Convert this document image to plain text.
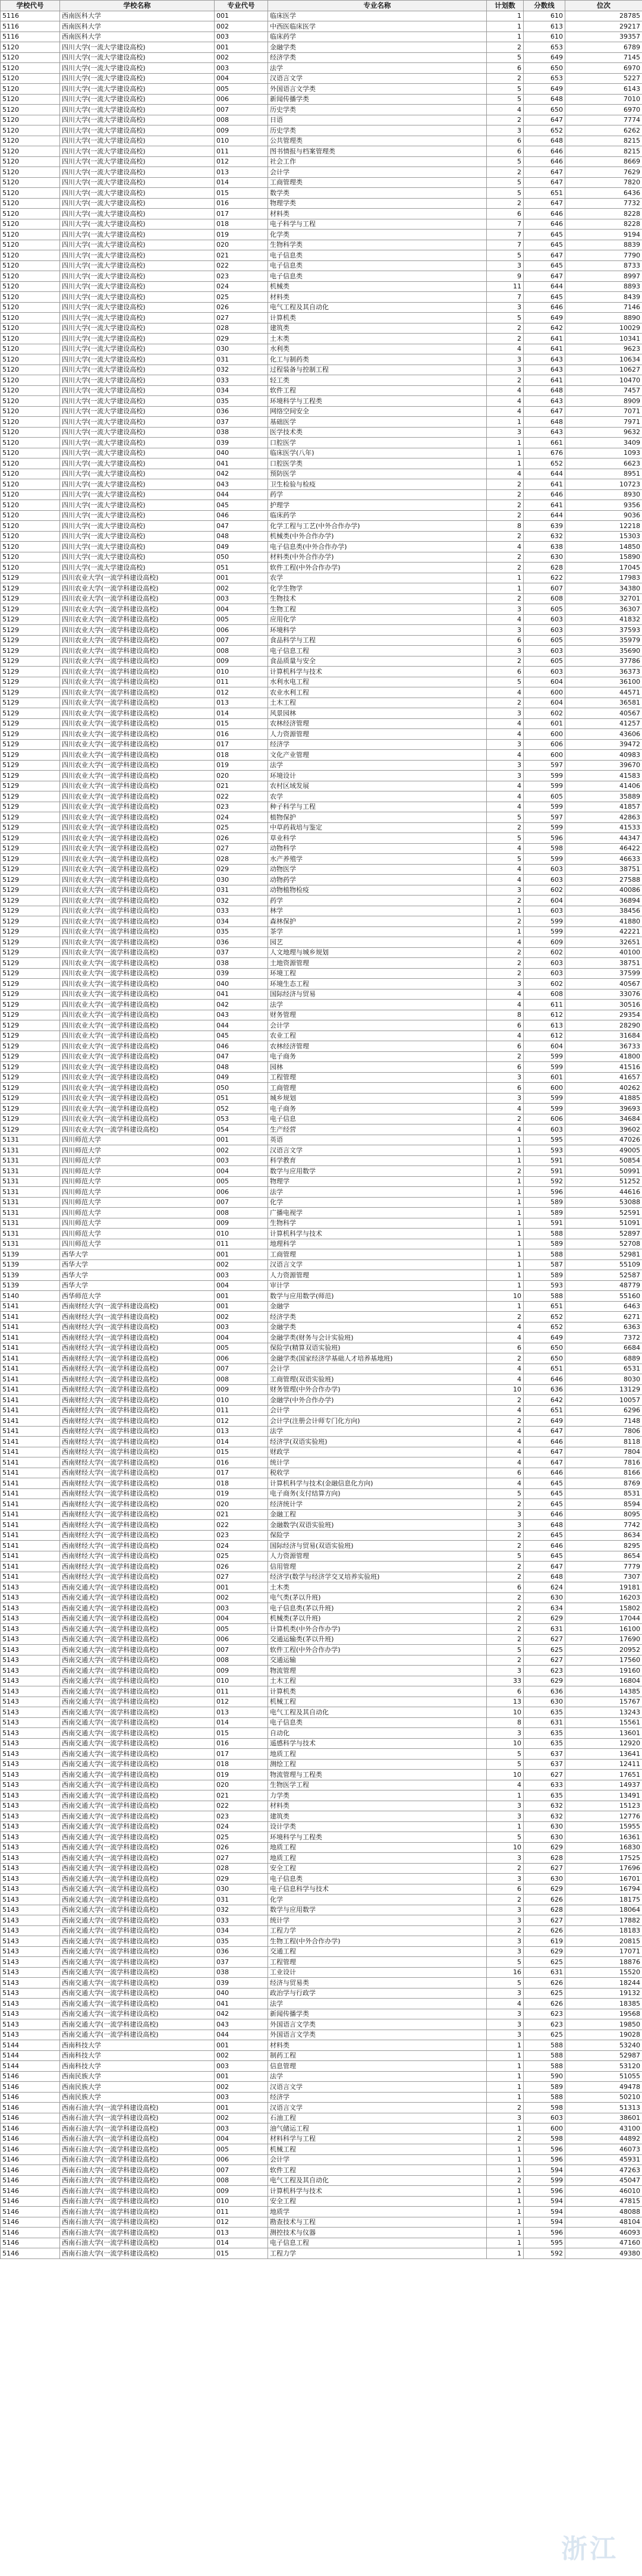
学校代号	学校名称	专业代号	专业名称	计划数	分数线	位次
5116	西南医科大学	001	临床医学	1	610	28785
5116	西南医科大学	002	中西医临床医学	1	613	29217
5116	西南医科大学	003	临床药学	1	610	39357
5120	四川大学(一流大学建设高校)	001	金融学类	2	653	6789
5120	四川大学(一流大学建设高校)	002	经济学类	5	649	7145
5120	四川大学(一流大学建设高校)	003	法学	6	650	6970
5120	四川大学(一流大学建设高校)	004	汉语言文学	2	653	5227
5120	四川大学(一流大学建设高校)	005	外国语言文学类	5	649	6143
5120	四川大学(一流大学建设高校)	006	新闻传播学类	5	648	7010
5120	四川大学(一流大学建设高校)	007	历史学类	4	650	6970
5120	四川大学(一流大学建设高校)	008	日语	2	647	7774
5120	四川大学(一流大学建设高校)	009	历史学类	3	652	6262
5120	四川大学(一流大学建设高校)	010	公共管理类	6	648	8215
5120	四川大学(一流大学建设高校)	011	图书情报与档案管理类	6	646	8215
5120	四川大学(一流大学建设高校)	012	社会工作	5	646	8669
5120	四川大学(一流大学建设高校)	013	会计学	2	647	7629
5120	四川大学(一流大学建设高校)	014	工商管理类	5	647	7820
5120	四川大学(一流大学建设高校)	015	数学类	5	651	6436
5120	四川大学(一流大学建设高校)	016	物理学类	2	647	7732
5120	四川大学(一流大学建设高校)	017	材料类	6	646	8228
5120	四川大学(一流大学建设高校)	018	电子科学与工程	7	646	8228
5120	四川大学(一流大学建设高校)	019	化学类	7	645	9194
5120	四川大学(一流大学建设高校)	020	生物科学类	7	645	8839
5120	四川大学(一流大学建设高校)	021	电子信息类	5	647	7790
5120	四川大学(一流大学建设高校)	022	电子信息类	3	645	8733
5120	四川大学(一流大学建设高校)	023	电子信息类	9	647	8997
5120	四川大学(一流大学建设高校)	024	机械类	11	644	8893
5120	四川大学(一流大学建设高校)	025	材料类	7	645	8439
5120	四川大学(一流大学建设高校)	026	电气工程及其自动化	3	646	7146
5120	四川大学(一流大学建设高校)	027	计算机类	5	649	8890
5120	四川大学(一流大学建设高校)	028	建筑类	2	642	10029
5120	四川大学(一流大学建设高校)	029	土木类	2	641	10341
5120	四川大学(一流大学建设高校)	030	水利类	4	641	9623
5120	四川大学(一流大学建设高校)	031	化工与制药类	3	643	10634
5120	四川大学(一流大学建设高校)	032	过程装备与控制工程	3	643	10627
5120	四川大学(一流大学建设高校)	033	轻工类	2	641	10470
5120	四川大学(一流大学建设高校)	034	软件工程	4	648	7457
5120	四川大学(一流大学建设高校)	035	环境科学与工程类	4	643	8909
5120	四川大学(一流大学建设高校)	036	网络空间安全	4	647	7071
5120	四川大学(一流大学建设高校)	037	基础医学	1	648	7971
5120	四川大学(一流大学建设高校)	038	医学技术类	3	643	9632
5120	四川大学(一流大学建设高校)	039	口腔医学	1	661	3409
5120	四川大学(一流大学建设高校)	040	临床医学(八年)	1	676	1093
5120	四川大学(一流大学建设高校)	041	口腔医学类	1	652	6623
5120	四川大学(一流大学建设高校)	042	预防医学	4	644	8951
5120	四川大学(一流大学建设高校)	043	卫生检验与检疫	2	641	10723
5120	四川大学(一流大学建设高校)	044	药学	2	646	8930
5120	四川大学(一流大学建设高校)	045	护理学	2	641	9356
5120	四川大学(一流大学建设高校)	046	临床药学	2	644	9036
5120	四川大学(一流大学建设高校)	047	化学工程与工艺(中外合作办学)	8	639	12218
5120	四川大学(一流大学建设高校)	048	机械类(中外合作办学)	2	632	15303
5120	四川大学(一流大学建设高校)	049	电子信息类(中外合作办学)	4	638	14850
5120	四川大学(一流大学建设高校)	050	材料类(中外合作办学)	2	630	15890
5120	四川大学(一流大学建设高校)	051	软件工程(中外合作办学)	2	628	17045
5129	四川农业大学(一流学科建设高校)	001	农学	1	622	17983
5129	四川农业大学(一流学科建设高校)	002	化学生物学	1	607	34380
5129	四川农业大学(一流学科建设高校)	003	生物技术	2	608	32701
5129	四川农业大学(一流学科建设高校)	004	生物工程	3	605	36307
5129	四川农业大学(一流学科建设高校)	005	应用化学	4	603	41832
5129	四川农业大学(一流学科建设高校)	006	环境科学	3	603	37593
5129	四川农业大学(一流学科建设高校)	007	食品科学与工程	6	605	35979
5129	四川农业大学(一流学科建设高校)	008	电子信息工程	3	603	35690
5129	四川农业大学(一流学科建设高校)	009	食品质量与安全	2	605	37786
5129	四川农业大学(一流学科建设高校)	010	计算机科学与技术	6	603	36373
5129	四川农业大学(一流学科建设高校)	011	水利水电工程	5	604	36100
5129	四川农业大学(一流学科建设高校)	012	农业水利工程	4	600	44571
5129	四川农业大学(一流学科建设高校)	013	土木工程	2	604	36581
5129	四川农业大学(一流学科建设高校)	014	风景园林	3	602	40567
5129	四川农业大学(一流学科建设高校)	015	农林经济管理	4	601	41257
5129	四川农业大学(一流学科建设高校)	016	人力资源管理	4	600	43606
5129	四川农业大学(一流学科建设高校)	017	经济学	3	606	39472
5129	四川农业大学(一流学科建设高校)	018	文化产业管理	4	600	40983
5129	四川农业大学(一流学科建设高校)	019	法学	3	597	39670
5129	四川农业大学(一流学科建设高校)	020	环境设计	3	599	41583
5129	四川农业大学(一流学科建设高校)	021	农村区域发展	4	599	41406
5129	四川农业大学(一流学科建设高校)	022	农学	4	605	35889
5129	四川农业大学(一流学科建设高校)	023	种子科学与工程	4	599	41857
5129	四川农业大学(一流学科建设高校)	024	植物保护	5	597	42863
5129	四川农业大学(一流学科建设高校)	025	中草药栽培与鉴定	2	599	41533
5129	四川农业大学(一流学科建设高校)	026	草业科学	5	596	44347
5129	四川农业大学(一流学科建设高校)	027	动物科学	4	598	46422
5129	四川农业大学(一流学科建设高校)	028	水产养殖学	5	599	46633
5129	四川农业大学(一流学科建设高校)	029	动物医学	4	603	38751
5129	四川农业大学(一流学科建设高校)	030	动物药学	4	603	27588
5129	四川农业大学(一流学科建设高校)	031	动物植物检疫	3	602	40086
5129	四川农业大学(一流学科建设高校)	032	药学	2	604	36894
5129	四川农业大学(一流学科建设高校)	033	林学	1	603	38456
5129	四川农业大学(一流学科建设高校)	034	森林保护	2	599	41880
5129	四川农业大学(一流学科建设高校)	035	茶学	1	599	42221
5129	四川农业大学(一流学科建设高校)	036	园艺	4	609	32651
5129	四川农业大学(一流学科建设高校)	037	人文地理与城乡规划	2	602	40100
5129	四川农业大学(一流学科建设高校)	038	土地资源管理	2	603	38751
5129	四川农业大学(一流学科建设高校)	039	环境工程	2	603	37599
5129	四川农业大学(一流学科建设高校)	040	环境生态工程	3	602	40567
5129	四川农业大学(一流学科建设高校)	041	国际经济与贸易	4	608	33076
5129	四川农业大学(一流学科建设高校)	042	法学	4	611	30516
5129	四川农业大学(一流学科建设高校)	043	财务管理	8	612	29354
5129	四川农业大学(一流学科建设高校)	044	会计学	6	613	28290
5129	四川农业大学(一流学科建设高校)	045	农业工程	4	612	31684
5129	四川农业大学(一流学科建设高校)	046	农林经济管理	6	604	36733
5129	四川农业大学(一流学科建设高校)	047	电子商务	2	599	41800
5129	四川农业大学(一流学科建设高校)	048	园林	6	599	41516
5129	四川农业大学(一流学科建设高校)	049	工程管理	3	601	41657
5129	四川农业大学(一流学科建设高校)	050	工商管理	6	600	40262
5129	四川农业大学(一流学科建设高校)	051	城乡规划	3	599	41885
5129	四川农业大学(一流学科建设高校)	052	电子商务	4	599	39693
5129	四川农业大学(一流学科建设高校)	053	电子信息	2	606	34684
5129	四川农业大学(一流学科建设高校)	054	生产经营	4	603	39602
5131	四川师范大学	001	英语	1	595	47026
5131	四川师范大学	002	汉语言文学	1	593	49005
5131	四川师范大学	003	科学教育	1	591	50854
5131	四川师范大学	004	数学与应用数学	2	591	50991
5131	四川师范大学	005	物理学	1	592	51252
5131	四川师范大学	006	法学	1	596	44616
5131	四川师范大学	007	化学	1	589	53088
5131	四川师范大学	008	广播电视学	1	589	52591
5131	四川师范大学	009	生物科学	1	591	51091
5131	四川师范大学	010	计算机科学与技术	1	588	52897
5131	四川师范大学	011	地理科学	1	589	52708
5139	西华大学	001	工商管理	1	588	52981
5139	西华大学	002	汉语言文学	1	587	55109
5139	西华大学	003	人力资源管理	1	589	52587
5139	西华大学	004	审计学	1	593	48779
5140	西华师范大学	001	数学与应用数学(师范)	10	588	55160
5141	西南财经大学(一流学科建设高校)	001	金融学	1	651	6463
5141	西南财经大学(一流学科建设高校)	002	经济学类	2	652	6271
5141	西南财经大学(一流学科建设高校)	003	金融学类	4	652	6363
5141	西南财经大学(一流学科建设高校)	004	金融学类(财务与会计实验班)	4	649	7372
5141	西南财经大学(一流学科建设高校)	005	保险学(精算双语实验班)	6	650	6684
5141	西南财经大学(一流学科建设高校)	006	金融学类(国家经济学基础人才培养基地班)	2	650	6889
5141	西南财经大学(一流学科建设高校)	007	会计学	4	651	6531
5141	西南财经大学(一流学科建设高校)	008	工商管理(双语实验班)	4	646	8030
5141	西南财经大学(一流学科建设高校)	009	财务管理(中外合作办学)	10	636	13129
5141	西南财经大学(一流学科建设高校)	010	金融学(中外合作办学)	2	642	10057
5141	西南财经大学(一流学科建设高校)	011	会计学	4	651	6296
5141	西南财经大学(一流学科建设高校)	012	会计学(注册会计师专门化方向)	2	649	7148
5141	西南财经大学(一流学科建设高校)	013	法学	4	647	7806
5141	西南财经大学(一流学科建设高校)	014	经济学(双语实验班)	4	646	8118
5141	西南财经大学(一流学科建设高校)	015	财政学	4	647	7804
5141	西南财经大学(一流学科建设高校)	016	统计学	4	647	7816
5141	西南财经大学(一流学科建设高校)	017	税收学	6	646	8166
5141	西南财经大学(一流学科建设高校)	018	计算机科学与技术(金融信息化方向)	4	645	8769
5141	西南财经大学(一流学科建设高校)	019	电子商务(支付结算方向)	5	645	8531
5141	西南财经大学(一流学科建设高校)	020	经济统计学	2	645	8594
5141	西南财经大学(一流学科建设高校)	021	金融工程	3	646	8095
5141	西南财经大学(一流学科建设高校)	022	金融数学(双语实验班)	3	648	7742
5141	西南财经大学(一流学科建设高校)	023	保险学	2	645	8634
5141	西南财经大学(一流学科建设高校)	024	国际经济与贸易(双语实验班)	2	646	8295
5141	西南财经大学(一流学科建设高校)	025	人力资源管理	5	645	8654
5141	西南财经大学(一流学科建设高校)	026	信用管理	2	647	7779
5141	西南财经大学(一流学科建设高校)	027	经济学(数学与经济学交叉培养实验班)	2	648	7307
5143	西南交通大学(一流学科建设高校)	001	土木类	6	624	19181
5143	西南交通大学(一流学科建设高校)	002	电气类(茅以升班)	2	630	16203
5143	西南交通大学(一流学科建设高校)	003	电子信息类(茅以升班)	2	634	15802
5143	西南交通大学(一流学科建设高校)	004	机械类(茅以升班)	2	629	17044
5143	西南交通大学(一流学科建设高校)	005	计算机类(中外合作办学)	2	631	16100
5143	西南交通大学(一流学科建设高校)	006	交通运输类(茅以升班)	2	627	17690
5143	西南交通大学(一流学科建设高校)	007	软件工程(中外合作办学)	5	625	20952
5143	西南交通大学(一流学科建设高校)	008	交通运输	2	627	17560
5143	西南交通大学(一流学科建设高校)	009	物流管理	3	623	19160
5143	西南交通大学(一流学科建设高校)	010	土木工程	33	629	16804
5143	西南交通大学(一流学科建设高校)	011	计算机类	6	636	14385
5143	西南交通大学(一流学科建设高校)	012	机械工程	13	630	15767
5143	西南交通大学(一流学科建设高校)	013	电气工程及其自动化	10	635	13243
5143	西南交通大学(一流学科建设高校)	014	电子信息类	8	631	15561
5143	西南交通大学(一流学科建设高校)	015	自动化	3	635	13601
5143	西南交通大学(一流学科建设高校)	016	遥感科学与技术	10	635	12920
5143	西南交通大学(一流学科建设高校)	017	地质工程	5	637	13641
5143	西南交通大学(一流学科建设高校)	018	测绘工程	5	637	12411
5143	西南交通大学(一流学科建设高校)	019	物流管理与工程类	10	627	17651
5143	西南交通大学(一流学科建设高校)	020	生物医学工程	4	633	14937
5143	西南交通大学(一流学科建设高校)	021	力学类	1	635	13491
5143	西南交通大学(一流学科建设高校)	022	材料类	3	632	15123
5143	西南交通大学(一流学科建设高校)	023	建筑类	3	632	12776
5143	西南交通大学(一流学科建设高校)	024	设计学类	1	630	15955
5143	西南交通大学(一流学科建设高校)	025	环境科学与工程类	5	630	16361
5143	西南交通大学(一流学科建设高校)	026	地质工程	10	629	16830
5143	西南交通大学(一流学科建设高校)	027	地质工程	3	628	17525
5143	西南交通大学(一流学科建设高校)	028	安全工程	2	627	17696
5143	西南交通大学(一流学科建设高校)	029	电子信息类	3	630	16701
5143	西南交通大学(一流学科建设高校)	030	电子信息科学与技术	6	629	16794
5143	西南交通大学(一流学科建设高校)	031	化学	2	626	18175
5143	西南交通大学(一流学科建设高校)	032	数学与应用数学	3	628	18064
5143	西南交通大学(一流学科建设高校)	033	统计学	3	627	17882
5143	西南交通大学(一流学科建设高校)	034	工程力学	2	626	18183
5143	西南交通大学(一流学科建设高校)	035	生物工程(中外合作办学)	3	619	20815
5143	西南交通大学(一流学科建设高校)	036	交通工程	3	629	17071
5143	西南交通大学(一流学科建设高校)	037	工程管理	5	625	18876
5143	西南交通大学(一流学科建设高校)	038	工业设计	16	631	15520
5143	西南交通大学(一流学科建设高校)	039	经济与贸易类	5	626	18244
5143	西南交通大学(一流学科建设高校)	040	政治学与行政学	3	625	19132
5143	西南交通大学(一流学科建设高校)	041	法学	4	626	18385
5143	西南交通大学(一流学科建设高校)	042	新闻传播学类	3	623	19568
5143	西南交通大学(一流学科建设高校)	043	外国语言文学类	3	623	19850
5143	西南交通大学(一流学科建设高校)	044	外国语言文学类	3	625	19028
5144	西南科技大学	001	材料类	1	588	53240
5144	西南科技大学	002	制药工程	1	588	52987
5144	西南科技大学	003	信息管理	1	588	53120
5146	西南民族大学	001	法学	1	590	51055
5146	西南民族大学	002	汉语言文学	1	589	49478
5146	西南民族大学	003	经济学	1	588	50210
5146	西南石油大学(一流学科建设高校)	001	汉语言文学	2	598	51313
5146	西南石油大学(一流学科建设高校)	002	石油工程	3	603	38601
5146	西南石油大学(一流学科建设高校)	003	油气储运工程	1	600	43100
5146	西南石油大学(一流学科建设高校)	004	材料科学与工程	2	598	44892
5146	西南石油大学(一流学科建设高校)	005	机械工程	1	596	46073
5146	西南石油大学(一流学科建设高校)	006	会计学	1	596	45931
5146	西南石油大学(一流学科建设高校)	007	软件工程	1	594	47263
5146	西南石油大学(一流学科建设高校)	008	电气工程及其自动化	2	599	45047
5146	西南石油大学(一流学科建设高校)	009	计算机科学与技术	1	596	46010
5146	西南石油大学(一流学科建设高校)	010	安全工程	1	594	47815
5146	西南石油大学(一流学科建设高校)	011	地质学	1	594	48088
5146	西南石油大学(一流学科建设高校)	012	勘查技术与工程	1	594	48104
5146	西南石油大学(一流学科建设高校)	013	测控技术与仪器	1	596	46093
5146	西南石油大学(一流学科建设高校)	014	电子信息工程	1	595	47160
5146	西南石油大学(一流学科建设高校)	015	工程力学	1	592	49380
浙江
